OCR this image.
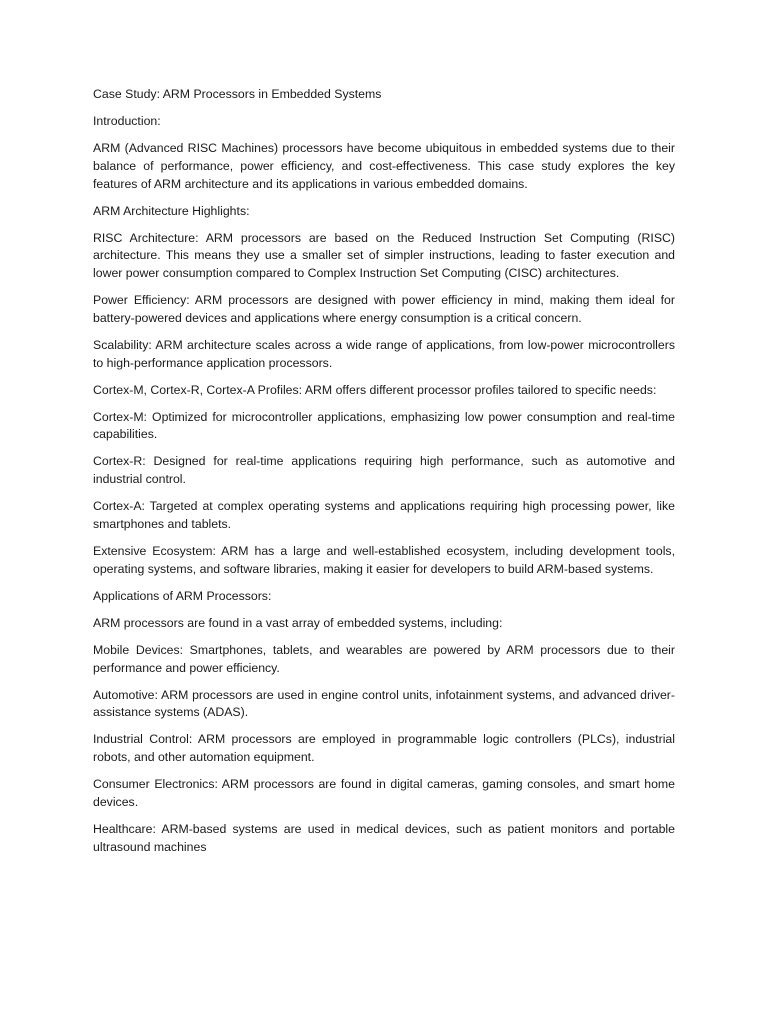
Case Study: ARM Processors in Embedded Systems

Introduction:

ARM (Advanced RISC Machines) processors have become ubiquitous in embedded systems due to their balance of performance, power efficiency, and cost-effectiveness. This case study explores the key features of ARM architecture and its applications in various embedded domains.

ARM Architecture Highlights:

RISC Architecture: ARM processors are based on the Reduced Instruction Set Computing (RISC) architecture. This means they use a smaller set of simpler instructions, leading to faster execution and lower power consumption compared to Complex Instruction Set Computing (CISC) architectures.

Power Efficiency: ARM processors are designed with power efficiency in mind, making them ideal for battery-powered devices and applications where energy consumption is a critical concern.

Scalability: ARM architecture scales across a wide range of applications, from low-power microcontrollers to high-performance application processors.

Cortex-M, Cortex-R, Cortex-A Profiles: ARM offers different processor profiles tailored to specific needs:

Cortex-M: Optimized for microcontroller applications, emphasizing low power consumption and real-time capabilities.

Cortex-R: Designed for real-time applications requiring high performance, such as automotive and industrial control.

Cortex-A: Targeted at complex operating systems and applications requiring high processing power, like smartphones and tablets.

Extensive Ecosystem: ARM has a large and well-established ecosystem, including development tools, operating systems, and software libraries, making it easier for developers to build ARM-based systems.

Applications of ARM Processors:

ARM processors are found in a vast array of embedded systems, including:

Mobile Devices: Smartphones, tablets, and wearables are powered by ARM processors due to their performance and power efficiency.

Automotive: ARM processors are used in engine control units, infotainment systems, and advanced driver-assistance systems (ADAS).

Industrial Control: ARM processors are employed in programmable logic controllers (PLCs), industrial robots, and other automation equipment.

Consumer Electronics: ARM processors are found in digital cameras, gaming consoles, and smart home devices.

Healthcare: ARM-based systems are used in medical devices, such as patient monitors and portable ultrasound machines
